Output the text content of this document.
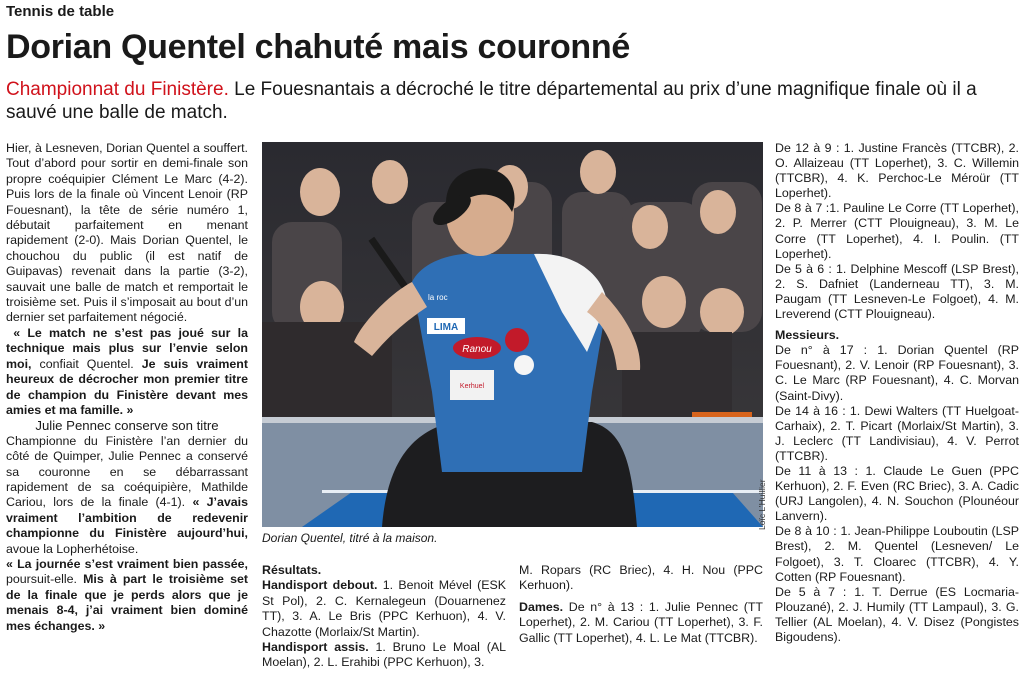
Tennis de table
Dorian Quentel chahuté mais couronné
Championnat du Finistère. Le Fouesnantais a décroché le titre départemental au prix d’une magnifique finale où il a sauvé une balle de match.

Hier, à Lesneven, Dorian Quentel a souffert. Tout d’abord pour sortir en demi-finale son propre coéquipier Clément Le Marc (4-2). Puis lors de la finale où Vincent Lenoir (RP Fouesnant), la tête de série numéro 1, débutait parfaitement en menant rapidement (2-0). Mais Dorian Quentel, le chouchou du public (il est natif de Guipavas) revenait dans la partie (3-2), sauvait une balle de match et remportait le troisième set. Puis il s’imposait au bout d’un dernier set parfaitement négocié.

« Le match ne s’est pas joué sur la technique mais plus sur l’envie selon moi, confiait Quentel. Je suis vraiment heureux de décrocher mon premier titre de champion du Finistère devant mes amies et ma famille. »

Julie Pennec conserve son titre

Championne du Finistère l’an dernier du côté de Quimper, Julie Pennec a conservé sa couronne en se débarrassant rapidement de sa coéquipière, Mathilde Cariou, lors de la finale (4-1). « J’avais vraiment l’ambition de redevenir championne du Finistère aujourd’hui, avoue la Lopherhétoise.

« La journée s’est vraiment bien passée, poursuit-elle. Mis à part le troisième set de la finale que je perds alors que je menais 8-4, j’ai vraiment bien dominé mes échanges. »

LIMA
Ranou
Kerhuel
la roc
Loïc L’Huillier
Dorian Quentel, titré à la maison.

Résultats.

Handisport debout. 1. Benoit Mével (ESK St Pol), 2. C. Kernalegeun (Douarnenez TT), 3. A. Le Bris (PPC Kerhuon), 4. V. Chazotte (Morlaix/St Martin).

Handisport assis. 1. Bruno Le Moal (AL Moelan), 2. L. Erahibi (PPC Kerhuon), 3.

M. Ropars (RC Briec), 4. H. Nou (PPC Kerhuon).

Dames. De n° à 13 : 1. Julie Pennec (TT Loperhet), 2. M. Cariou (TT Loperhet), 3. F. Gallic (TT Loperhet), 4. L. Le Mat (TTCBR).

De 12 à 9 : 1. Justine Francès (TTCBR), 2. O. Allaizeau (TT Loperhet), 3. C. Willemin (TTCBR), 4. K. Perchoc-Le Méroür (TT Loperhet).

De 8 à 7 :1. Pauline Le Corre (TT Loperhet), 2. P. Merrer (CTT Plouigneau), 3. M. Le Corre (TT Loperhet), 4. I. Poulin. (TT Loperhet).

De 5 à 6 : 1. Delphine Mescoff (LSP Brest), 2. S. Dafniet (Landerneau TT), 3. M. Paugam (TT Lesneven-Le Folgoet), 4. M. Lreverend (CTT Plouigneau).

Messieurs.

De n° à 17 : 1. Dorian Quentel (RP Fouesnant), 2. V. Lenoir (RP Fouesnant), 3. C. Le Marc (RP Fouesnant), 4. C. Morvan (Saint-Divy).

De 14 à 16 : 1. Dewi Walters (TT Huelgoat-Carhaix), 2. T. Picart (Morlaix/St Martin), 3. J. Leclerc (TT Landivisiau), 4. V. Perrot (TTCBR).

De 11 à 13 : 1. Claude Le Guen (PPC Kerhuon), 2. F. Even (RC Briec), 3. A. Cadic (URJ Langolen), 4. N. Souchon (Plounéour Lanvern).

De 8 à 10 : 1. Jean-Philippe Louboutin (LSP Brest), 2. M. Quentel (Lesneven/ Le Folgoet), 3. T. Cloarec (TTCBR), 4. Y. Cotten (RP Fouesnant).

De 5 à 7 : 1. T. Derrue (ES Locmaria-Plouzané), 2. J. Humily (TT Lampaul), 3. G. Tellier (AL Moelan), 4. V. Disez (Pongistes Bigoudens).
